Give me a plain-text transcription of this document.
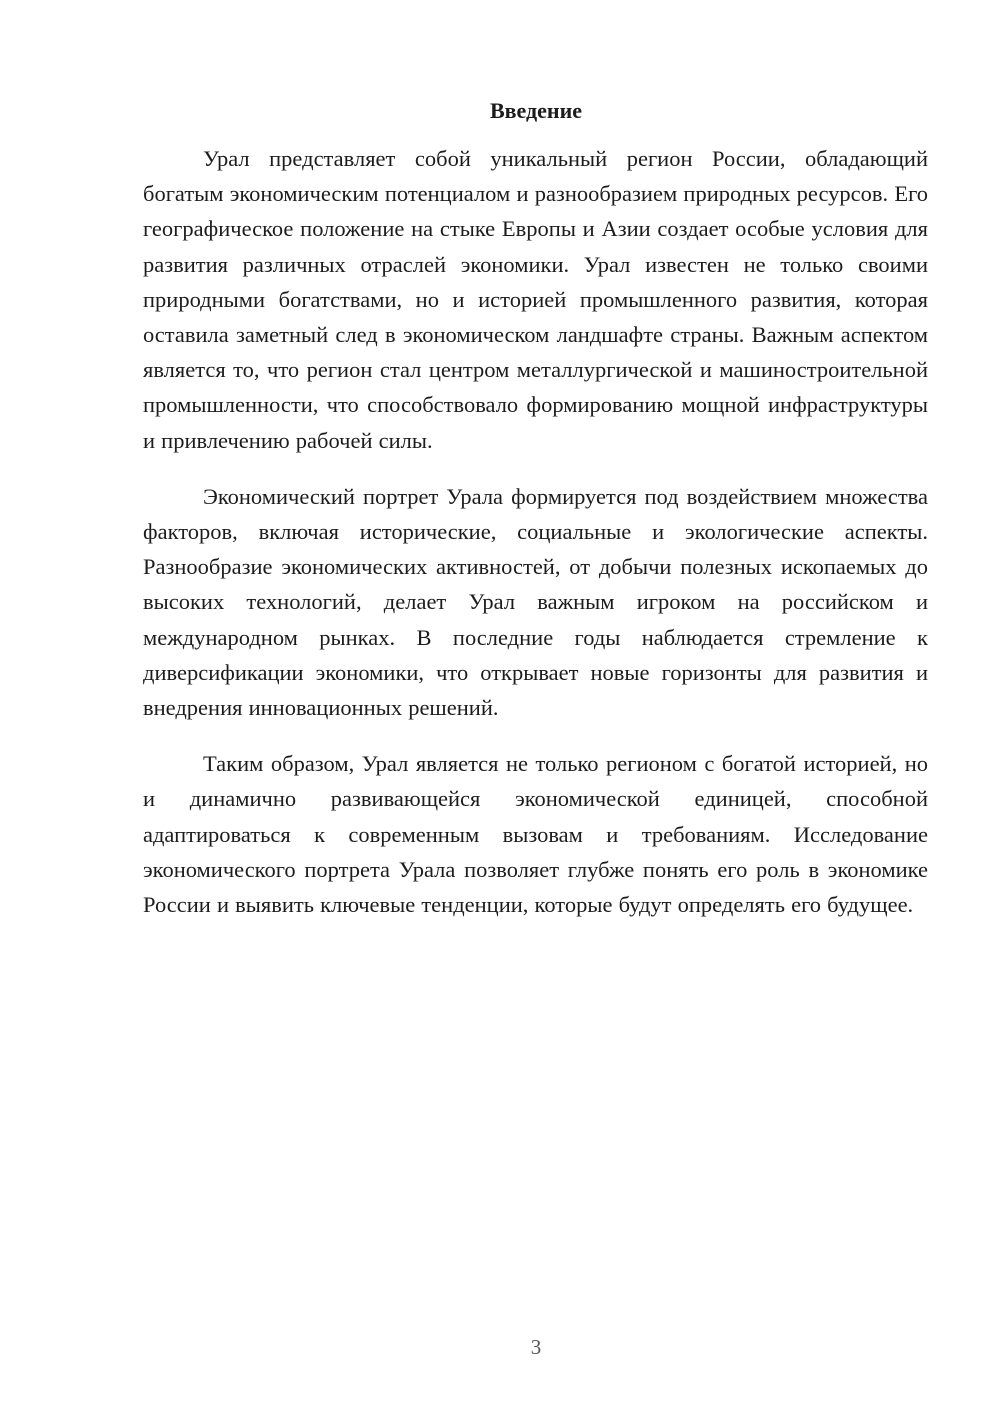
Введение

Урал представляет собой уникальный регион России, обладающий богатым экономическим потенциалом и разнообразием природных ресурсов. Его географическое положение на стыке Европы и Азии создает особые условия для развития различных отраслей экономики. Урал известен не только своими природными богатствами, но и историей промышленного развития, которая оставила заметный след в экономическом ландшафте страны. Важным аспектом является то, что регион стал центром металлургической и машиностроительной промышленности, что способствовало формированию мощной инфраструктуры и привлечению рабочей силы.

Экономический портрет Урала формируется под воздействием множества факторов, включая исторические, социальные и экологические аспекты. Разнообразие экономических активностей, от добычи полезных ископаемых до высоких технологий, делает Урал важным игроком на российском и международном рынках. В последние годы наблюдается стремление к диверсификации экономики, что открывает новые горизонты для развития и внедрения инновационных решений.

Таким образом, Урал является не только регионом с богатой историей, но и динамично развивающейся экономической единицей, способной адаптироваться к современным вызовам и требованиям. Исследование экономического портрета Урала позволяет глубже понять его роль в экономике России и выявить ключевые тенденции, которые будут определять его будущее.

3
